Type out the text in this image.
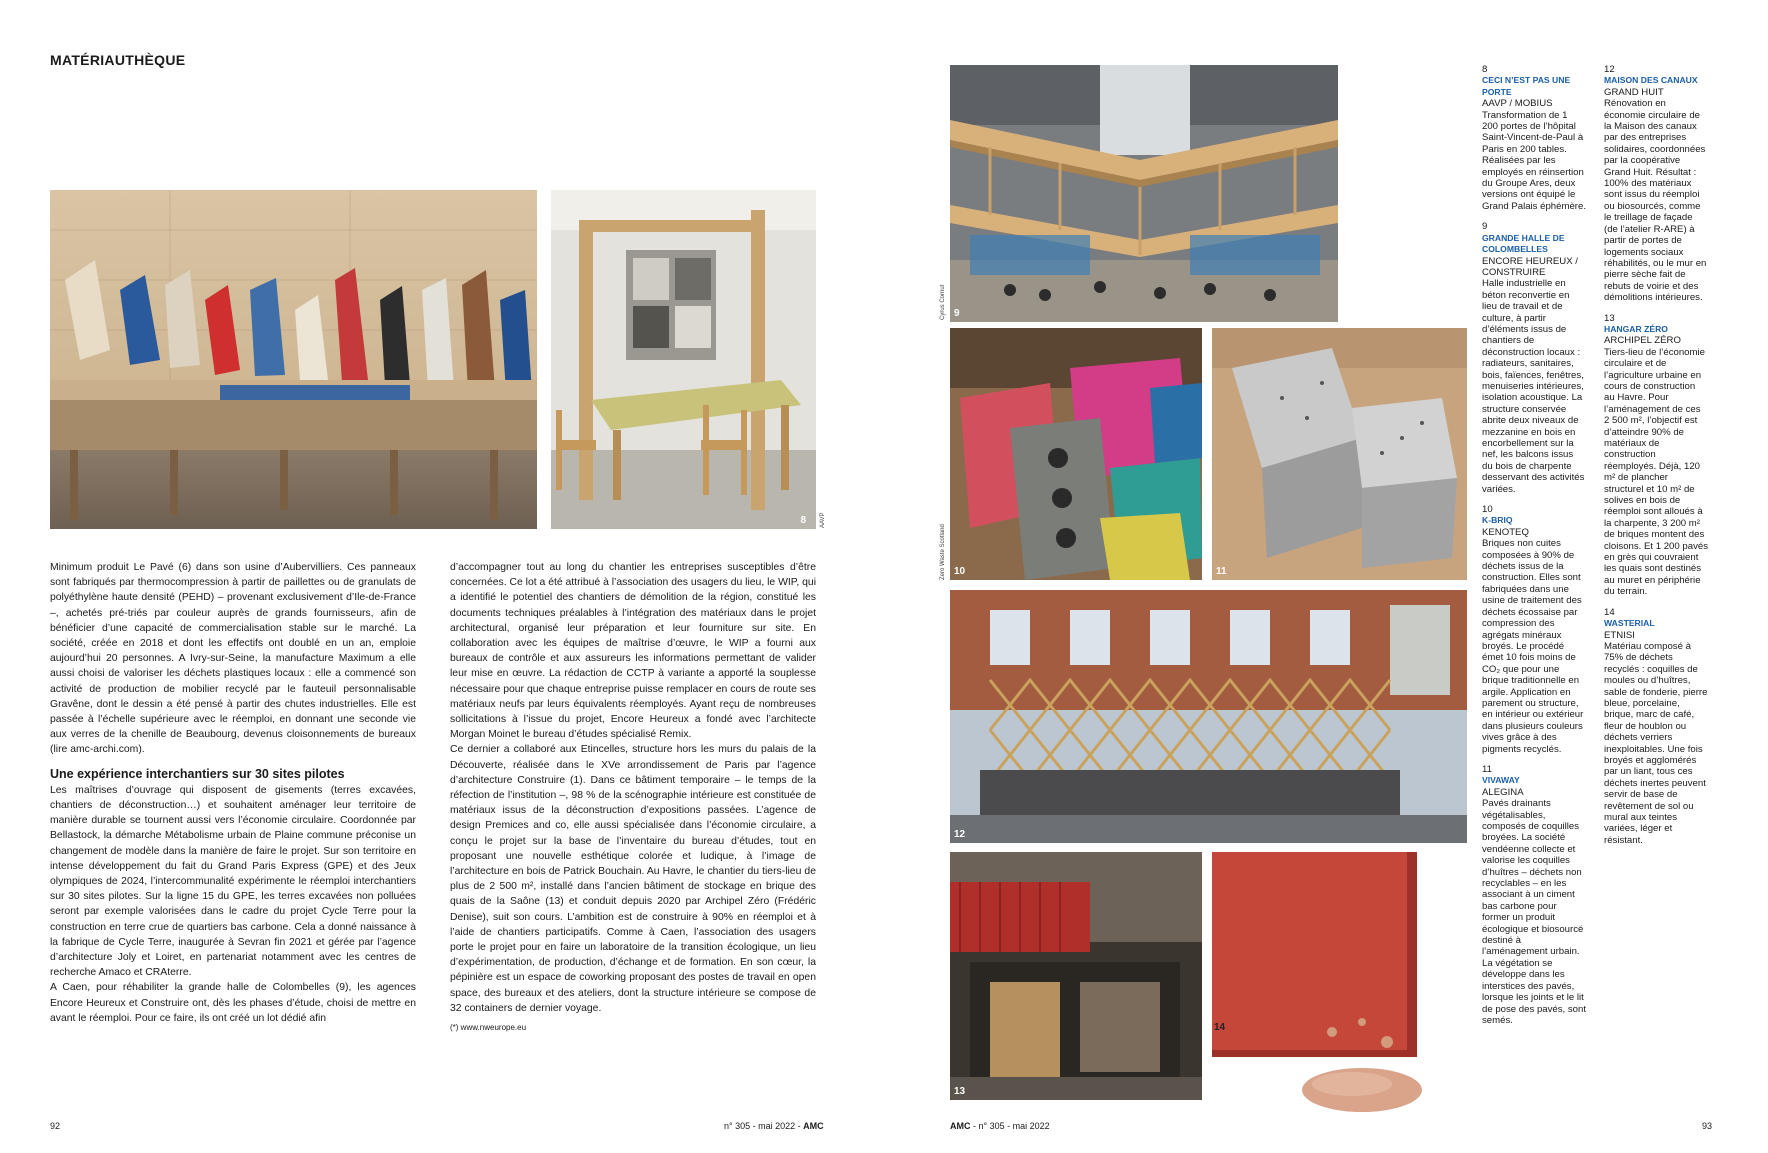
MATÉRIAUTHÈQUE
8 AAVP

Minimum produit Le Pavé (6) dans son usine d’Aubervilliers. Ces panneaux sont fabriqués par thermocompression à partir de paillettes ou de granulats de polyéthylène haute densité (PEHD) – provenant exclusivement d’Ile-de-France –, achetés pré-triés par couleur auprès de grands fournisseurs, afin de bénéficier d’une capacité de commercialisation stable sur le marché. La société, créée en 2018 et dont les effectifs ont doublé en un an, emploie aujourd’hui 20 personnes. A Ivry-sur-Seine, la manufacture Maximum a elle aussi choisi de valoriser les déchets plastiques locaux : elle a commencé son activité de production de mobilier recyclé par le fauteuil personnalisable Gravêne, dont le dessin a été pensé à partir des chutes industrielles. Elle est passée à l’échelle supérieure avec le réemploi, en donnant une seconde vie aux verres de la chenille de Beaubourg, devenus cloisonnements de bureaux (lire amc-archi.com).

Une expérience interchantiers sur 30 sites pilotes

Les maîtrises d’ouvrage qui disposent de gisements (terres excavées, chantiers de déconstruction…) et souhaitent aménager leur territoire de manière durable se tournent aussi vers l’économie circulaire. Coordonnée par Bellastock, la démarche Métabolisme urbain de Plaine commune préconise un changement de modèle dans la manière de faire le projet. Sur son territoire en intense développement du fait du Grand Paris Express (GPE) et des Jeux olympiques de 2024, l’intercommunalité expérimente le réemploi interchantiers sur 30 sites pilotes. Sur la ligne 15 du GPE, les terres excavées non polluées seront par exemple valorisées dans le cadre du projet Cycle Terre pour la construction en terre crue de quartiers bas carbone. Cela a donné naissance à la fabrique de Cycle Terre, inaugurée à Sevran fin 2021 et gérée par l’agence d’architecture Joly et Loiret, en partenariat notamment avec les centres de recherche Amaco et CRAterre.

A Caen, pour réhabiliter la grande halle de Colombelles (9), les agences Encore Heureux et Construire ont, dès les phases d’étude, choisi de mettre en avant le réemploi. Pour ce faire, ils ont créé un lot dédié afin

d’accompagner tout au long du chantier les entreprises susceptibles d’être concernées. Ce lot a été attribué à l’association des usagers du lieu, le WIP, qui a identifié le potentiel des chantiers de démolition de la région, constitué les documents techniques préalables à l’intégration des matériaux dans le projet architectural, organisé leur préparation et leur fourniture sur site. En collaboration avec les équipes de maîtrise d’œuvre, le WIP a fourni aux bureaux de contrôle et aux assureurs les informations permettant de valider leur mise en œuvre. La rédaction de CCTP à variante a apporté la souplesse nécessaire pour que chaque entreprise puisse remplacer en cours de route ses matériaux neufs par leurs équivalents réemployés. Ayant reçu de nombreuses sollicitations à l’issue du projet, Encore Heureux a fondé avec l’architecte Morgan Moinet le bureau d’études spécialisé Remix.

Ce dernier a collaboré aux Etincelles, structure hors les murs du palais de la Découverte, réalisée dans le XVe arrondissement de Paris par l’agence d’architecture Construire (1). Dans ce bâtiment temporaire – le temps de la réfection de l’institution –, 98 % de la scénographie intérieure est constituée de matériaux issus de la déconstruction d’expositions passées. L’agence de design Premices and co, elle aussi spécialisée dans l’économie circulaire, a conçu le projet sur la base de l’inventaire du bureau d’études, tout en proposant une nouvelle esthétique colorée et ludique, à l’image de l’architecture en bois de Patrick Bouchain. Au Havre, le chantier du tiers-lieu de plus de 2 500 m², installé dans l’ancien bâtiment de stockage en brique des quais de la Saône (13) et conduit depuis 2020 par Archipel Zéro (Frédéric Denise), suit son cours. L’ambition est de construire à 90% en réemploi et à l’aide de chantiers participatifs. Comme à Caen, l’association des usagers porte le projet pour en faire un laboratoire de la transition écologique, un lieu d’expérimentation, de production, d’échange et de formation. En son cœur, la pépinière est un espace de coworking proposant des postes de travail en open space, des bureaux et des ateliers, dont la structure intérieure se compose de 32 containers de dernier voyage.

(*) www.nweurope.eu
92	n° 305 - mai 2022 - AMC
9
Cyrus Cornut
10
Zero Waste Scotland	11
12
13
14
8
CECI N’EST PAS UNE PORTE
AAVP / MOBIUS
Transformation de 1 200 portes de l’hôpital Saint-Vincent-de-Paul à Paris en 200 tables. Réalisées par les employés en réinsertion du Groupe Ares, deux versions ont équipé le Grand Palais éphémère.
9
GRANDE HALLE DE COLOMBELLES
ENCORE HEUREUX / CONSTRUIRE
Halle industrielle en béton reconvertie en lieu de travail et de culture, à partir d’éléments issus de chantiers de déconstruction locaux : radiateurs, sanitaires, bois, faïences, fenêtres, menuiseries intérieures, isolation acoustique. La structure conservée abrite deux niveaux de mezzanine en bois en encorbellement sur la nef, les balcons issus du bois de charpente desservant des activités variées.
10
K-BRIQ
KENOTEQ
Briques non cuites composées à 90% de déchets issus de la construction. Elles sont fabriquées dans une usine de traitement des déchets écossaise par compression des agrégats minéraux broyés. Le procédé émet 10 fois moins de CO₂ que pour une brique traditionnelle en argile. Application en parement ou structure, en intérieur ou extérieur dans plusieurs couleurs vives grâce à des pigments recyclés.
11
VIVAWAY
ALEGINA
Pavés drainants végétalisables, composés de coquilles broyées. La société vendéenne collecte et valorise les coquilles d’huîtres – déchets non recyclables – en les associant à un ciment bas carbone pour former un produit écologique et biosourcé destiné à l’aménagement urbain. La végétation se développe dans les interstices des pavés, lorsque les joints et le lit de pose des pavés, sont semés.
12
MAISON DES CANAUX
GRAND HUIT
Rénovation en économie circulaire de la Maison des canaux par des entreprises solidaires, coordonnées par la coopérative Grand Huit. Résultat : 100% des matériaux sont issus du réemploi ou biosourcés, comme le treillage de façade (de l’atelier R-ARE) à partir de portes de logements sociaux réhabilités, ou le mur en pierre sèche fait de rebuts de voirie et des démolitions intérieures.
13
HANGAR ZÉRO
ARCHIPEL ZÉRO
Tiers-lieu de l’économie circulaire et de l’agriculture urbaine en cours de construction au Havre. Pour l’aménagement de ces 2 500 m², l’objectif est d’atteindre 90% de matériaux de construction réemployés. Déjà, 120 m² de plancher structurel et 10 m² de solives en bois de réemploi sont alloués à la charpente, 3 200 m² de briques montent des cloisons. Et 1 200 pavés en grès qui couvraient les quais sont destinés au muret en périphérie du terrain.
14
WASTERIAL
ETNISI
Matériau composé à 75% de déchets recyclés : coquilles de moules ou d’huîtres, sable de fonderie, pierre bleue, porcelaine, brique, marc de café, fleur de houblon ou déchets verriers inexploitables. Une fois broyés et agglomérés par un liant, tous ces déchets inertes peuvent servir de base de revêtement de sol ou mural aux teintes variées, léger et résistant.
AMC - n° 305 - mai 2022	93
